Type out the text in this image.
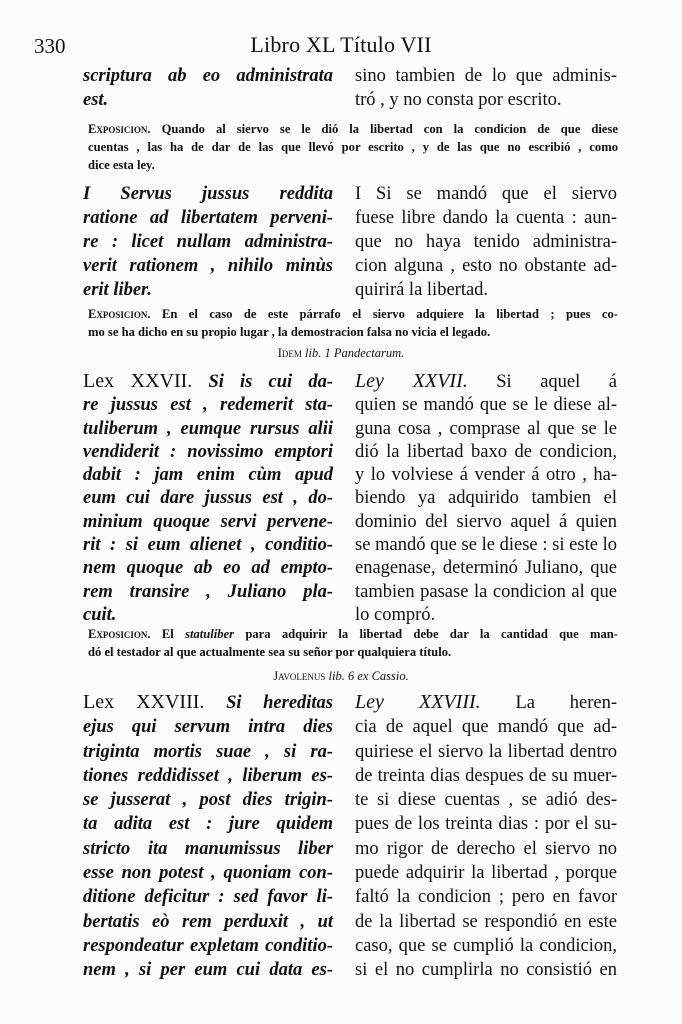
330	Libro XL Título VII
scriptura ab eo administrata
est.
sino tambien de lo que adminis-
tró , y no consta por escrito.
Exposicion. Quando al siervo se le dió la libertad con la condicion de que diese
cuentas , las ha de dar de las que llevó por escrito , y de las que no escribió , como
dice esta ley.
I Servus jussus reddita
ratione ad libertatem perveni-
re : licet nullam administra-
verit rationem , nihilo minùs
erit liber.
I Si se mandó que el siervo
fuese libre dando la cuenta : aun-
que no haya tenido administra-
cion alguna , esto no obstante ad-
quirirá la libertad.
Exposicion. En el caso de este párrafo el siervo adquiere la libertad ; pues co-
mo se ha dicho en su propio lugar , la demostracion falsa no vicia el legado.
Idem lib. 1 Pandectarum.
Lex XXVII. Si is cui da-
re jussus est , redemerit sta-
tuliberum , eumque rursus alii
vendiderit : novissimo emptori
dabit : jam enim cùm apud
eum cui dare jussus est , do-
minium quoque servi pervene-
rit : si eum alienet , conditio-
nem quoque ab eo ad empto-
rem transire , Juliano pla-
cuit.
Ley XXVII. Si aquel á
quien se mandó que se le diese al-
guna cosa , comprase al que se le
dió la libertad baxo de condicion,
y lo volviese á vender á otro , ha-
biendo ya adquirido tambien el
dominio del siervo aquel á quien
se mandó que se le diese : si este lo
enagenase, determinó Juliano, que
tambien pasase la condicion al que
lo compró.
Exposicion. El statuliber para adquirir la libertad debe dar la cantidad que man-
dó el testador al que actualmente sea su señor por qualquiera título.
Javolenus lib. 6 ex Cassio.
Lex XXVIII. Si hereditas
ejus qui servum intra dies
triginta mortis suae , si ra-
tiones reddidisset , liberum es-
se jusserat , post dies trigin-
ta adita est : jure quidem
stricto ita manumissus liber
esse non potest , quoniam con-
ditione deficitur : sed favor li-
bertatis eò rem perduxit , ut
respondeatur expletam conditio-
nem , si per eum cui data es-
Ley XXVIII. La heren-
cia de aquel que mandó que ad-
quiriese el siervo la libertad dentro
de treinta dias despues de su muer-
te si diese cuentas , se adió des-
pues de los treinta dias : por el su-
mo rigor de derecho el siervo no
puede adquirir la libertad , porque
faltó la condicion ; pero en favor
de la libertad se respondió en este
caso, que se cumplió la condicion,
si el no cumplirla no consistió en
